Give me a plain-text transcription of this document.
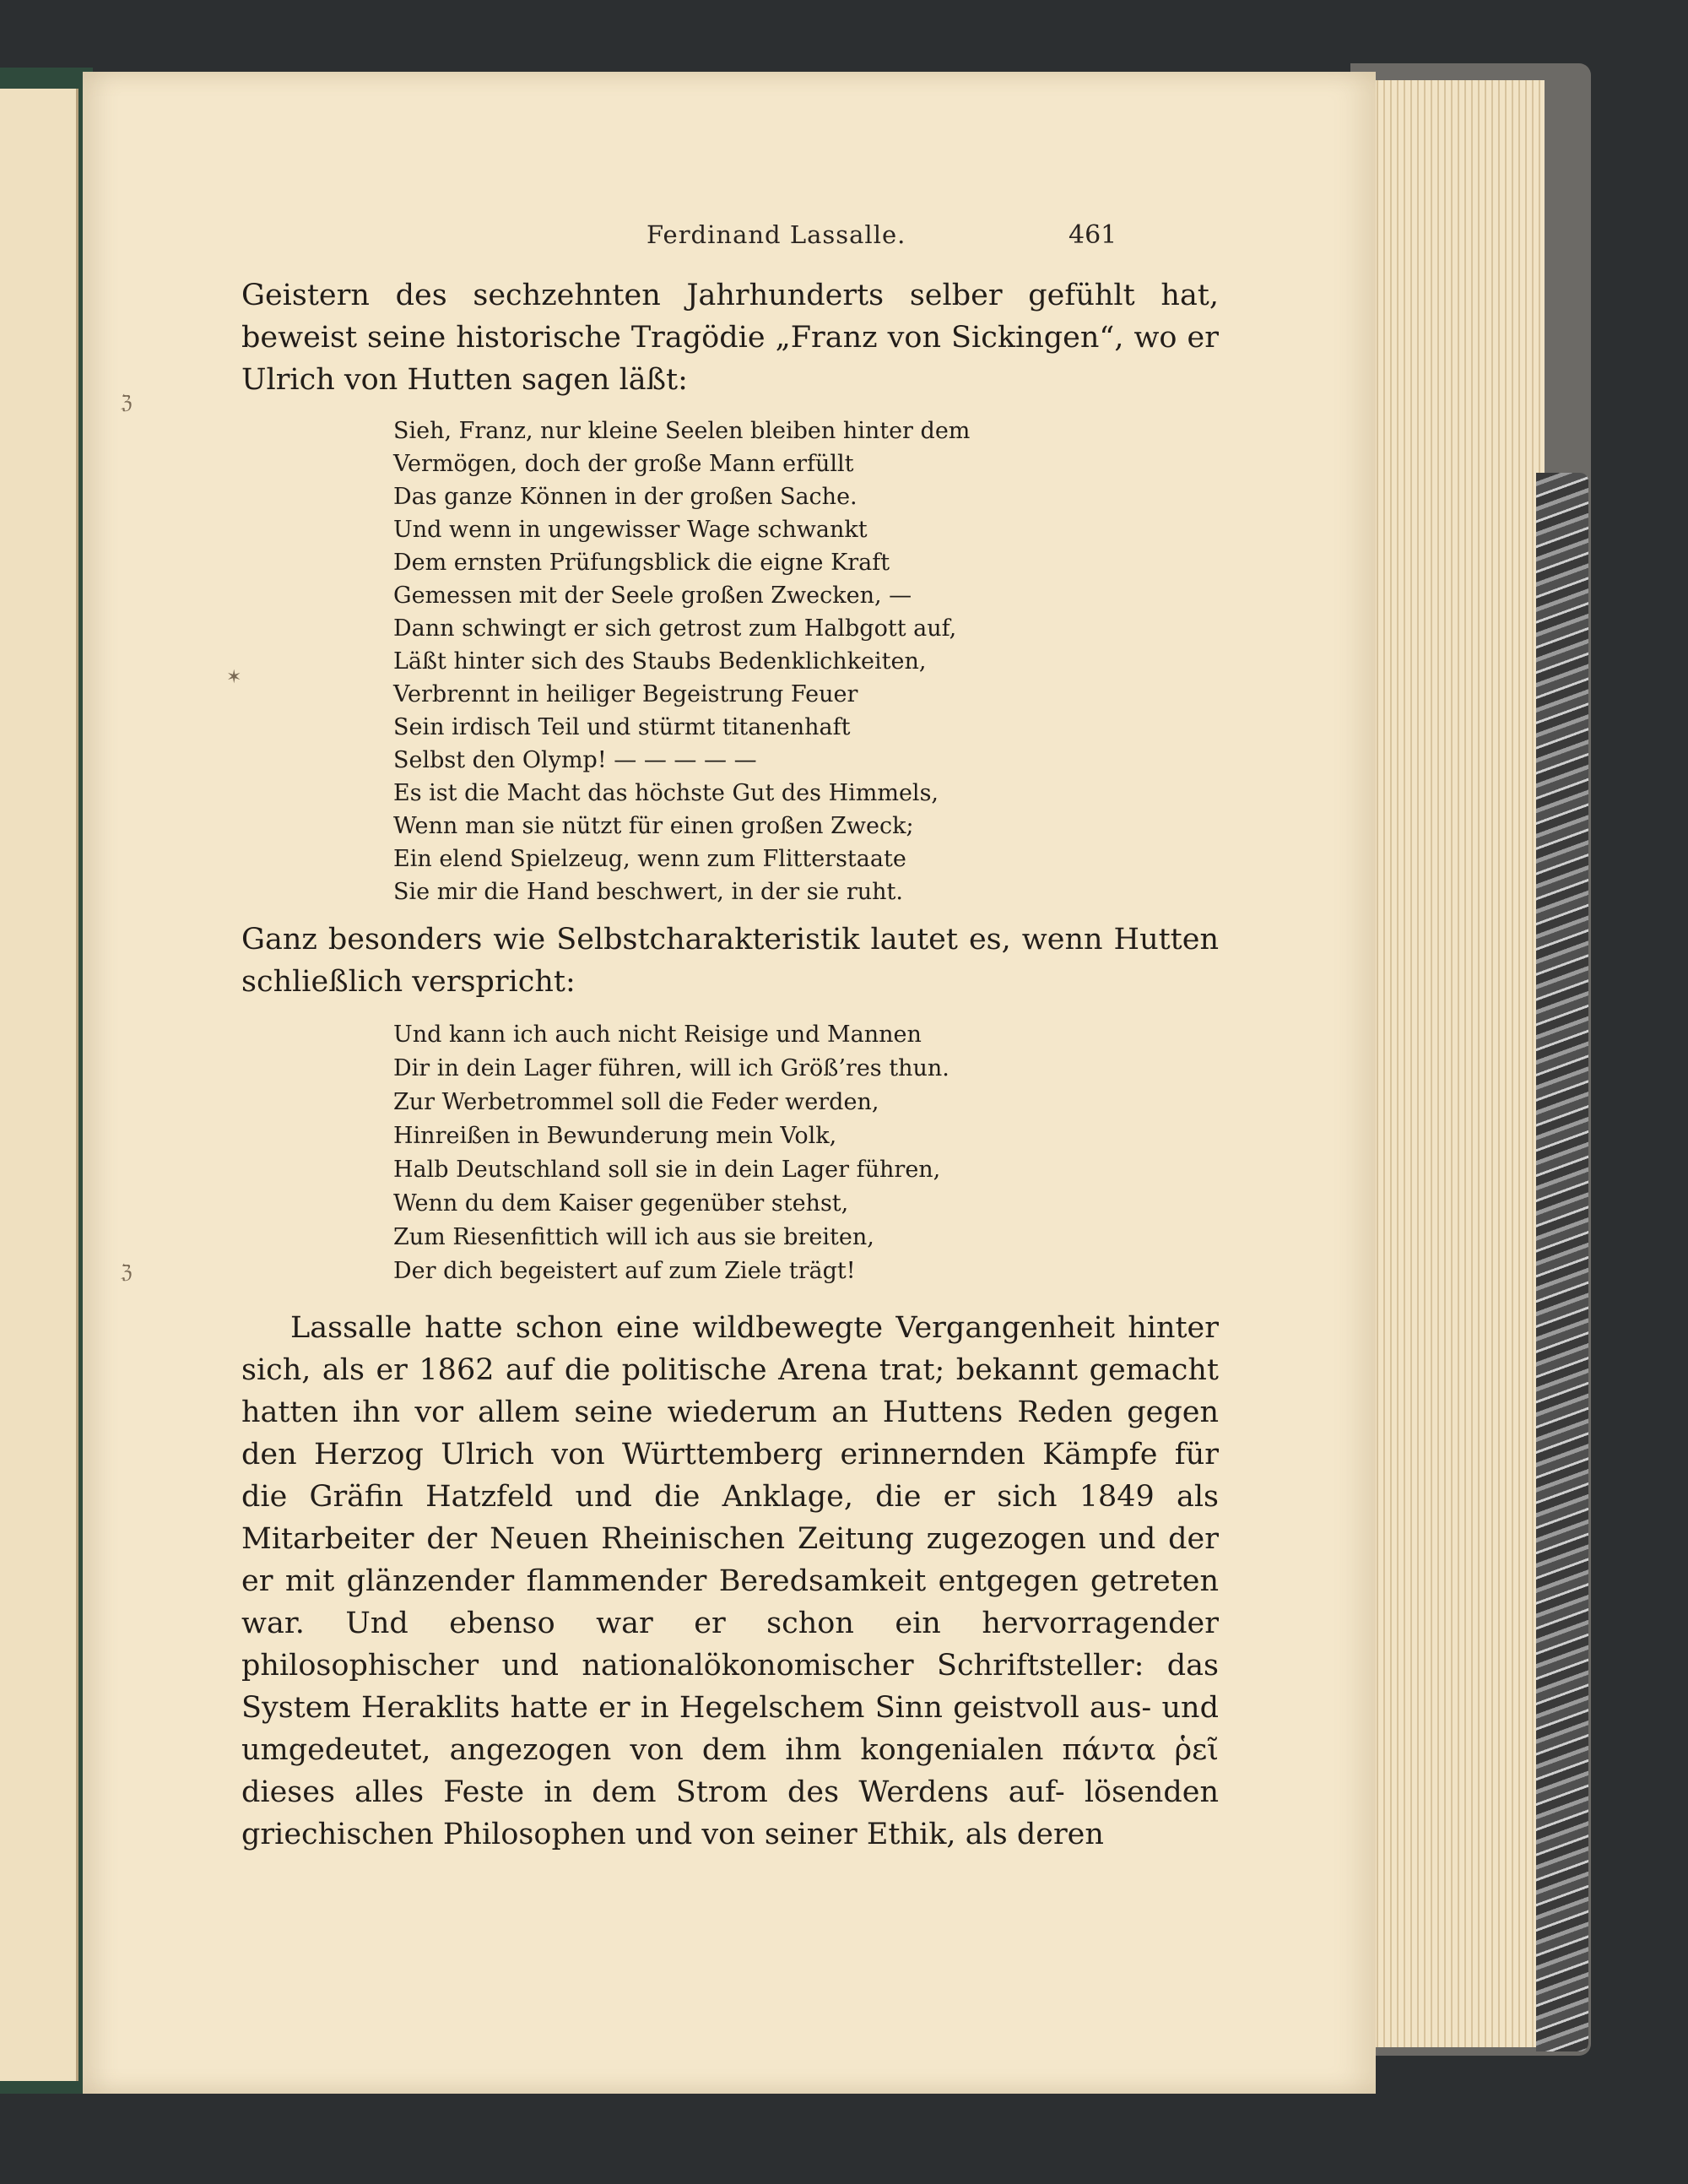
Ferdinand Lassalle.	461
ℨ
✶
ℨ

Geistern des sechzehnten Jahrhunderts selber gefühlt hat, beweist seine historische Tragödie „Franz von Sickingen“, wo er Ulrich von Hutten sagen läßt:

Sieh, Franz, nur kleine Seelen bleiben hinter dem
Vermögen, doch der große Mann erfüllt
Das ganze Können in der großen Sache.
Und wenn in ungewisser Wage schwankt
Dem ernsten Prüfungsblick die eigne Kraft
Gemessen mit der Seele großen Zwecken, —
Dann schwingt er sich getrost zum Halbgott auf,
Läßt hinter sich des Staubs Bedenklichkeiten,
Verbrennt in heiliger Begeistrung Feuer
Sein irdisch Teil und stürmt titanenhaft
Selbst den Olymp! — — — — —
Es ist die Macht das höchste Gut des Himmels,
Wenn man sie nützt für einen großen Zweck;
Ein elend Spielzeug, wenn zum Flitterstaate
Sie mir die Hand beschwert, in der sie ruht.

Ganz besonders wie Selbstcharakteristik lautet es, wenn Hutten schließlich verspricht:

Und kann ich auch nicht Reisige und Mannen
Dir in dein Lager führen, will ich Größ’res thun.
Zur Werbetrommel soll die Feder werden,
Hinreißen in Bewunderung mein Volk,
Halb Deutschland soll sie in dein Lager führen,
Wenn du dem Kaiser gegenüber stehst,
Zum Riesenfittich will ich aus sie breiten,
Der dich begeistert auf zum Ziele trägt!

Lassalle hatte schon eine wildbewegte Vergangenheit hinter sich, als er 1862 auf die politische Arena trat; bekannt gemacht hatten ihn vor allem seine wiederum an Huttens Reden gegen den Herzog Ulrich von Württemberg erinnernden Kämpfe für die Gräfin Hatzfeld und die Anklage, die er sich 1849 als Mitarbeiter der Neuen Rheinischen Zeitung zugezogen und der er mit glänzender flammender Beredsamkeit entgegen getreten war. Und ebenso war er schon ein hervorragender philosophischer und nationalökonomischer Schriftsteller: das System Heraklits hatte er in Hegelschem Sinn geistvoll aus- und umgedeutet, angezogen von dem ihm kongenialen πάντα ῥεῖ dieses alles Feste in dem Strom des Werdens auf- lösenden griechischen Philosophen und von seiner Ethik, als deren
